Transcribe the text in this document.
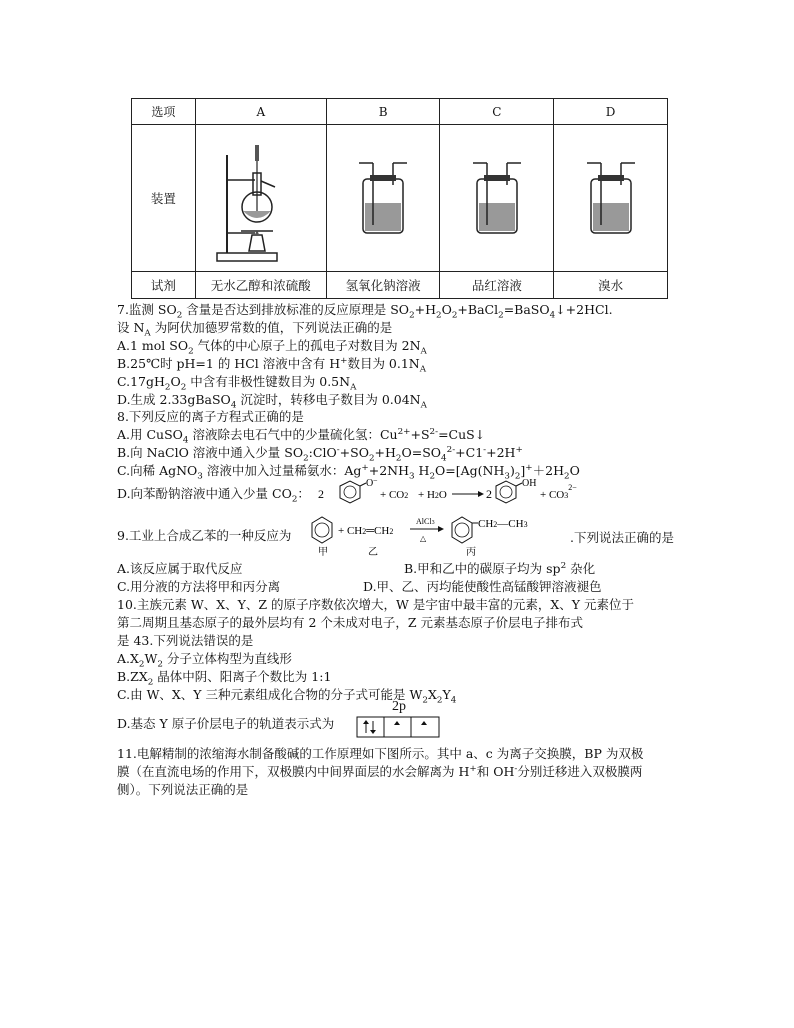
选项	A	B	C	D
装置				
试剂	无水乙醇和浓硫酸	氢氧化钠溶液	品红溶液	溴水
7.监测 $SO_2$ 含量是否达到排放标准的反应原理是 $SO_2+H_2O_2+BaCl_2=BaSO_4↓+2HCl$.
设 $N_A$ 为阿伏加德罗常数的值，下列说法正确的是
A.1 mol $SO_2$ 气体的中心原子上的孤电子对数目为 $2N_A$
B.25℃时 pH=1 的 HCl 溶液中含有 H+数目为 $0.1N_A$
$C.17gH_2O_2$ 中含有非极性键数目为 $0.5N_A$
D.生成 2.33gBaSO$_4$ 沉淀时，转移电子数目为 $0.04N_A$
8.下列反应的离子方程式正确的是
A.用 CuSO$_4$ 溶液除去电石气中的少量硫化氢：$Cu^{2+}+S^{2-}=CuS↓$
B.向 NaClO 溶液中通入少量 $SO_2:ClO^-+SO_2+H_2O=SO_4^{2-}+C1^-+2H^+$
C.向稀 AgNO$_3$ 溶液中加入过量稀氨水：$Ag^++2NH_3$ $H_2O=[Ag(NH_3)_2]^++2H_2O$
D.向苯酚钠溶液中通入少量 $CO_2$： 2
O −
+ CO2 + H2O	2
OH
+ $CO3^{2-}$
9.工业上合成乙苯的一种反应为
甲
+ CH2═CH2
乙
AlCl3
△
CH2—CH3
丙
.下列说法正确的是
A.该反应属于取代反应	B.甲和乙中的碳原子均为 $sp^2$ 杂化
C.用分液的方法将甲和丙分离	D.甲、乙、丙均能使酸性高锰酸钾溶液褪色
10.主族元素 W、X、Y、Z 的原子序数依次增大，W 是宇宙中最丰富的元素，X、Y 元素位于
第二周期且基态原子的最外层均有 2 个未成对电子，Z 元素基态原子价层电子排布式
是 43.下列说法错误的是
$A.X_2W_2$ 分子立体构型为直线形
$B.ZX_2$ 晶体中阴、阳离子个数比为 1:1
C.由 W、X、Y 三种元素组成化合物的分子式可能是 $W_2X_2Y_4$
D.基态 Y 原子价层电子的轨道表示式为
2p
11.电解精制的浓缩海水制备酸碱的工作原理如下图所示。其中 a、c 为离子交换膜，BP 为双极
膜（在直流电场的作用下，双极膜内中间界面层的水会解离为 H+和 OH-分别迁移进入双极膜两
侧）。下列说法正确的是
